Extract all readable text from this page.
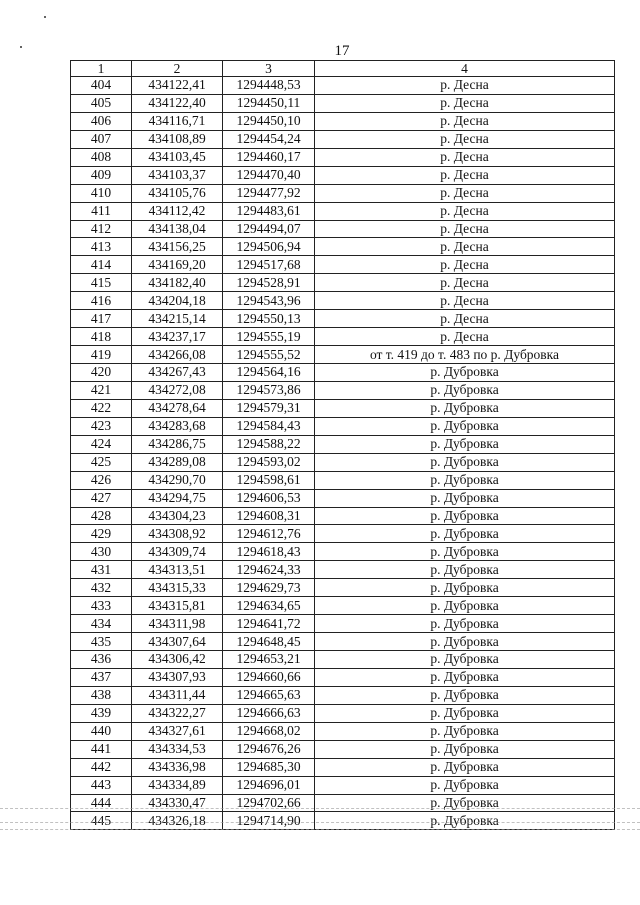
17
1	2	3	4
404	434122,41	1294448,53	р. Десна
405	434122,40	1294450,11	р. Десна
406	434116,71	1294450,10	р. Десна
407	434108,89	1294454,24	р. Десна
408	434103,45	1294460,17	р. Десна
409	434103,37	1294470,40	р. Десна
410	434105,76	1294477,92	р. Десна
411	434112,42	1294483,61	р. Десна
412	434138,04	1294494,07	р. Десна
413	434156,25	1294506,94	р. Десна
414	434169,20	1294517,68	р. Десна
415	434182,40	1294528,91	р. Десна
416	434204,18	1294543,96	р. Десна
417	434215,14	1294550,13	р. Десна
418	434237,17	1294555,19	р. Десна
419	434266,08	1294555,52	от т. 419 до т. 483 по р. Дубровка
420	434267,43	1294564,16	р. Дубровка
421	434272,08	1294573,86	р. Дубровка
422	434278,64	1294579,31	р. Дубровка
423	434283,68	1294584,43	р. Дубровка
424	434286,75	1294588,22	р. Дубровка
425	434289,08	1294593,02	р. Дубровка
426	434290,70	1294598,61	р. Дубровка
427	434294,75	1294606,53	р. Дубровка
428	434304,23	1294608,31	р. Дубровка
429	434308,92	1294612,76	р. Дубровка
430	434309,74	1294618,43	р. Дубровка
431	434313,51	1294624,33	р. Дубровка
432	434315,33	1294629,73	р. Дубровка
433	434315,81	1294634,65	р. Дубровка
434	434311,98	1294641,72	р. Дубровка
435	434307,64	1294648,45	р. Дубровка
436	434306,42	1294653,21	р. Дубровка
437	434307,93	1294660,66	р. Дубровка
438	434311,44	1294665,63	р. Дубровка
439	434322,27	1294666,63	р. Дубровка
440	434327,61	1294668,02	р. Дубровка
441	434334,53	1294676,26	р. Дубровка
442	434336,98	1294685,30	р. Дубровка
443	434334,89	1294696,01	р. Дубровка
444	434330,47	1294702,66	р. Дубровка
445	434326,18	1294714,90	р. Дубровка
